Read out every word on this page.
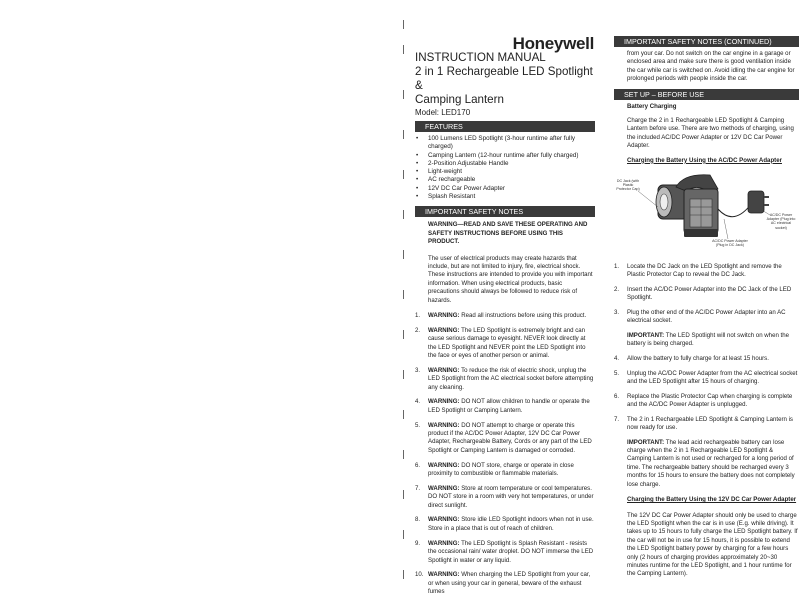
Honeywell
INSTRUCTION MANUAL
2 in 1 Rechargeable LED Spotlight &
Camping Lantern
Model: LED170
FEATURES
• 100 Lumens LED Spotlight (3-hour runtime after fully charged)
• Camping Lantern (12-hour runtime after fully charged)
• 2-Position Adjustable Handle
• Light-weight
• AC rechargeable
• 12V DC Car Power Adapter
• Splash Resistant
IMPORTANT SAFETY NOTES

WARNING—READ AND SAVE THESE OPERATING AND SAFETY INSTRUCTIONS BEFORE USING THIS PRODUCT.

The user of electrical products may create hazards that include, but are not limited to injury, fire, electrical shock. These instructions are intended to provide you with important information. When using electrical products, basic precautions should always be followed to reduce risk of hazards.

1. WARNING: Read all instructions before using this product.
2. WARNING: The LED Spotlight is extremely bright and can cause serious damage to eyesight. NEVER look directly at the LED Spotlight and NEVER point the LED Spotlight into the face or eyes of another person or animal.
3. WARNING: To reduce the risk of electric shock, unplug the LED Spotlight from the AC electrical socket before attempting any cleaning.
4. WARNING: DO NOT allow children to handle or operate the LED Spotlight or Camping Lantern.
5. WARNING: DO NOT attempt to charge or operate this product if the AC/DC Power Adapter, 12V DC Car Power Adapter, Rechargeable Battery, Cords or any part of the LED Spotlight or Camping Lantern is damaged or corroded.
6. WARNING: DO NOT store, charge or operate in close proximity to combustible or flammable materials.
7. WARNING: Store at room temperature or cool temperatures. DO NOT store in a room with very hot temperatures, or under direct sunlight.
8. WARNING: Store idle LED Spotlight indoors when not in use. Store in a place that is out of reach of children.
9. WARNING: The LED Spotlight is Splash Resistant - resists the occasional rain/ water droplet. DO NOT immerse the LED Spotlight in water or any liquid.
10. WARNING: When charging the LED Spotlight from your car, or when using your car in general, beware of the exhaust fumes
IMPORTANT SAFETY NOTES (CONTINUED)

from your car. Do not switch on the car engine in a garage or enclosed area and make sure there is good ventilation inside the car while car is switched on. Avoid idling the car engine for prolonged periods with people inside the car.

SET UP – BEFORE USE

Battery Charging

Charge the 2 in 1 Rechargeable LED Spotlight & Camping Lantern before use. There are two methods of charging, using the included AC/DC Power Adapter or 12V DC Car Power Adapter.

Charging the Battery Using the AC/DC Power Adapter

DC Jack (with Plastic Protector Cap)
AC/DC Power Adapter (Plug into AC electrical socket)
AC/DC Power Adapter (Plug in DC Jack)
1. Locate the DC Jack on the LED Spotlight and remove the Plastic Protector Cap to reveal the DC Jack.
2. Insert the AC/DC Power Adapter into the DC Jack of the LED Spotlight.
3. Plug the other end of the AC/DC Power Adapter into an AC electrical socket.
IMPORTANT: The LED Spotlight will not switch on when the battery is being charged.
4. Allow the battery to fully charge for at least 15 hours.
5. Unplug the AC/DC Power Adapter from the AC electrical socket and the LED Spotlight after 15 hours of charging.
6. Replace the Plastic Protector Cap when charging is complete and the AC/DC Power Adapter is unplugged.
7. The 2 in 1 Rechargeable LED Spotlight & Camping Lantern is now ready for use.

IMPORTANT: The lead acid rechargeable battery can lose charge when the 2 in 1 Rechargeable LED Spotlight & Camping Lantern is not used or recharged for a long period of time. The rechargeable battery should be recharged every 3 months for 15 hours to ensure the battery does not completely lose charge.

Charging the Battery Using the 12V DC Car Power Adapter

The 12V DC Car Power Adapter should only be used to charge the LED Spotlight when the car is in use (E.g. while driving). It takes up to 15 hours to fully charge the LED Spotlight battery. If the car will not be in use for 15 hours, it is possible to extend the LED Spotlight battery power by charging for a few hours only (2 hours of charging provides approximately 20~30 minutes runtime for the LED Spotlight, and 1 hour runtime for the Camping Lantern).
